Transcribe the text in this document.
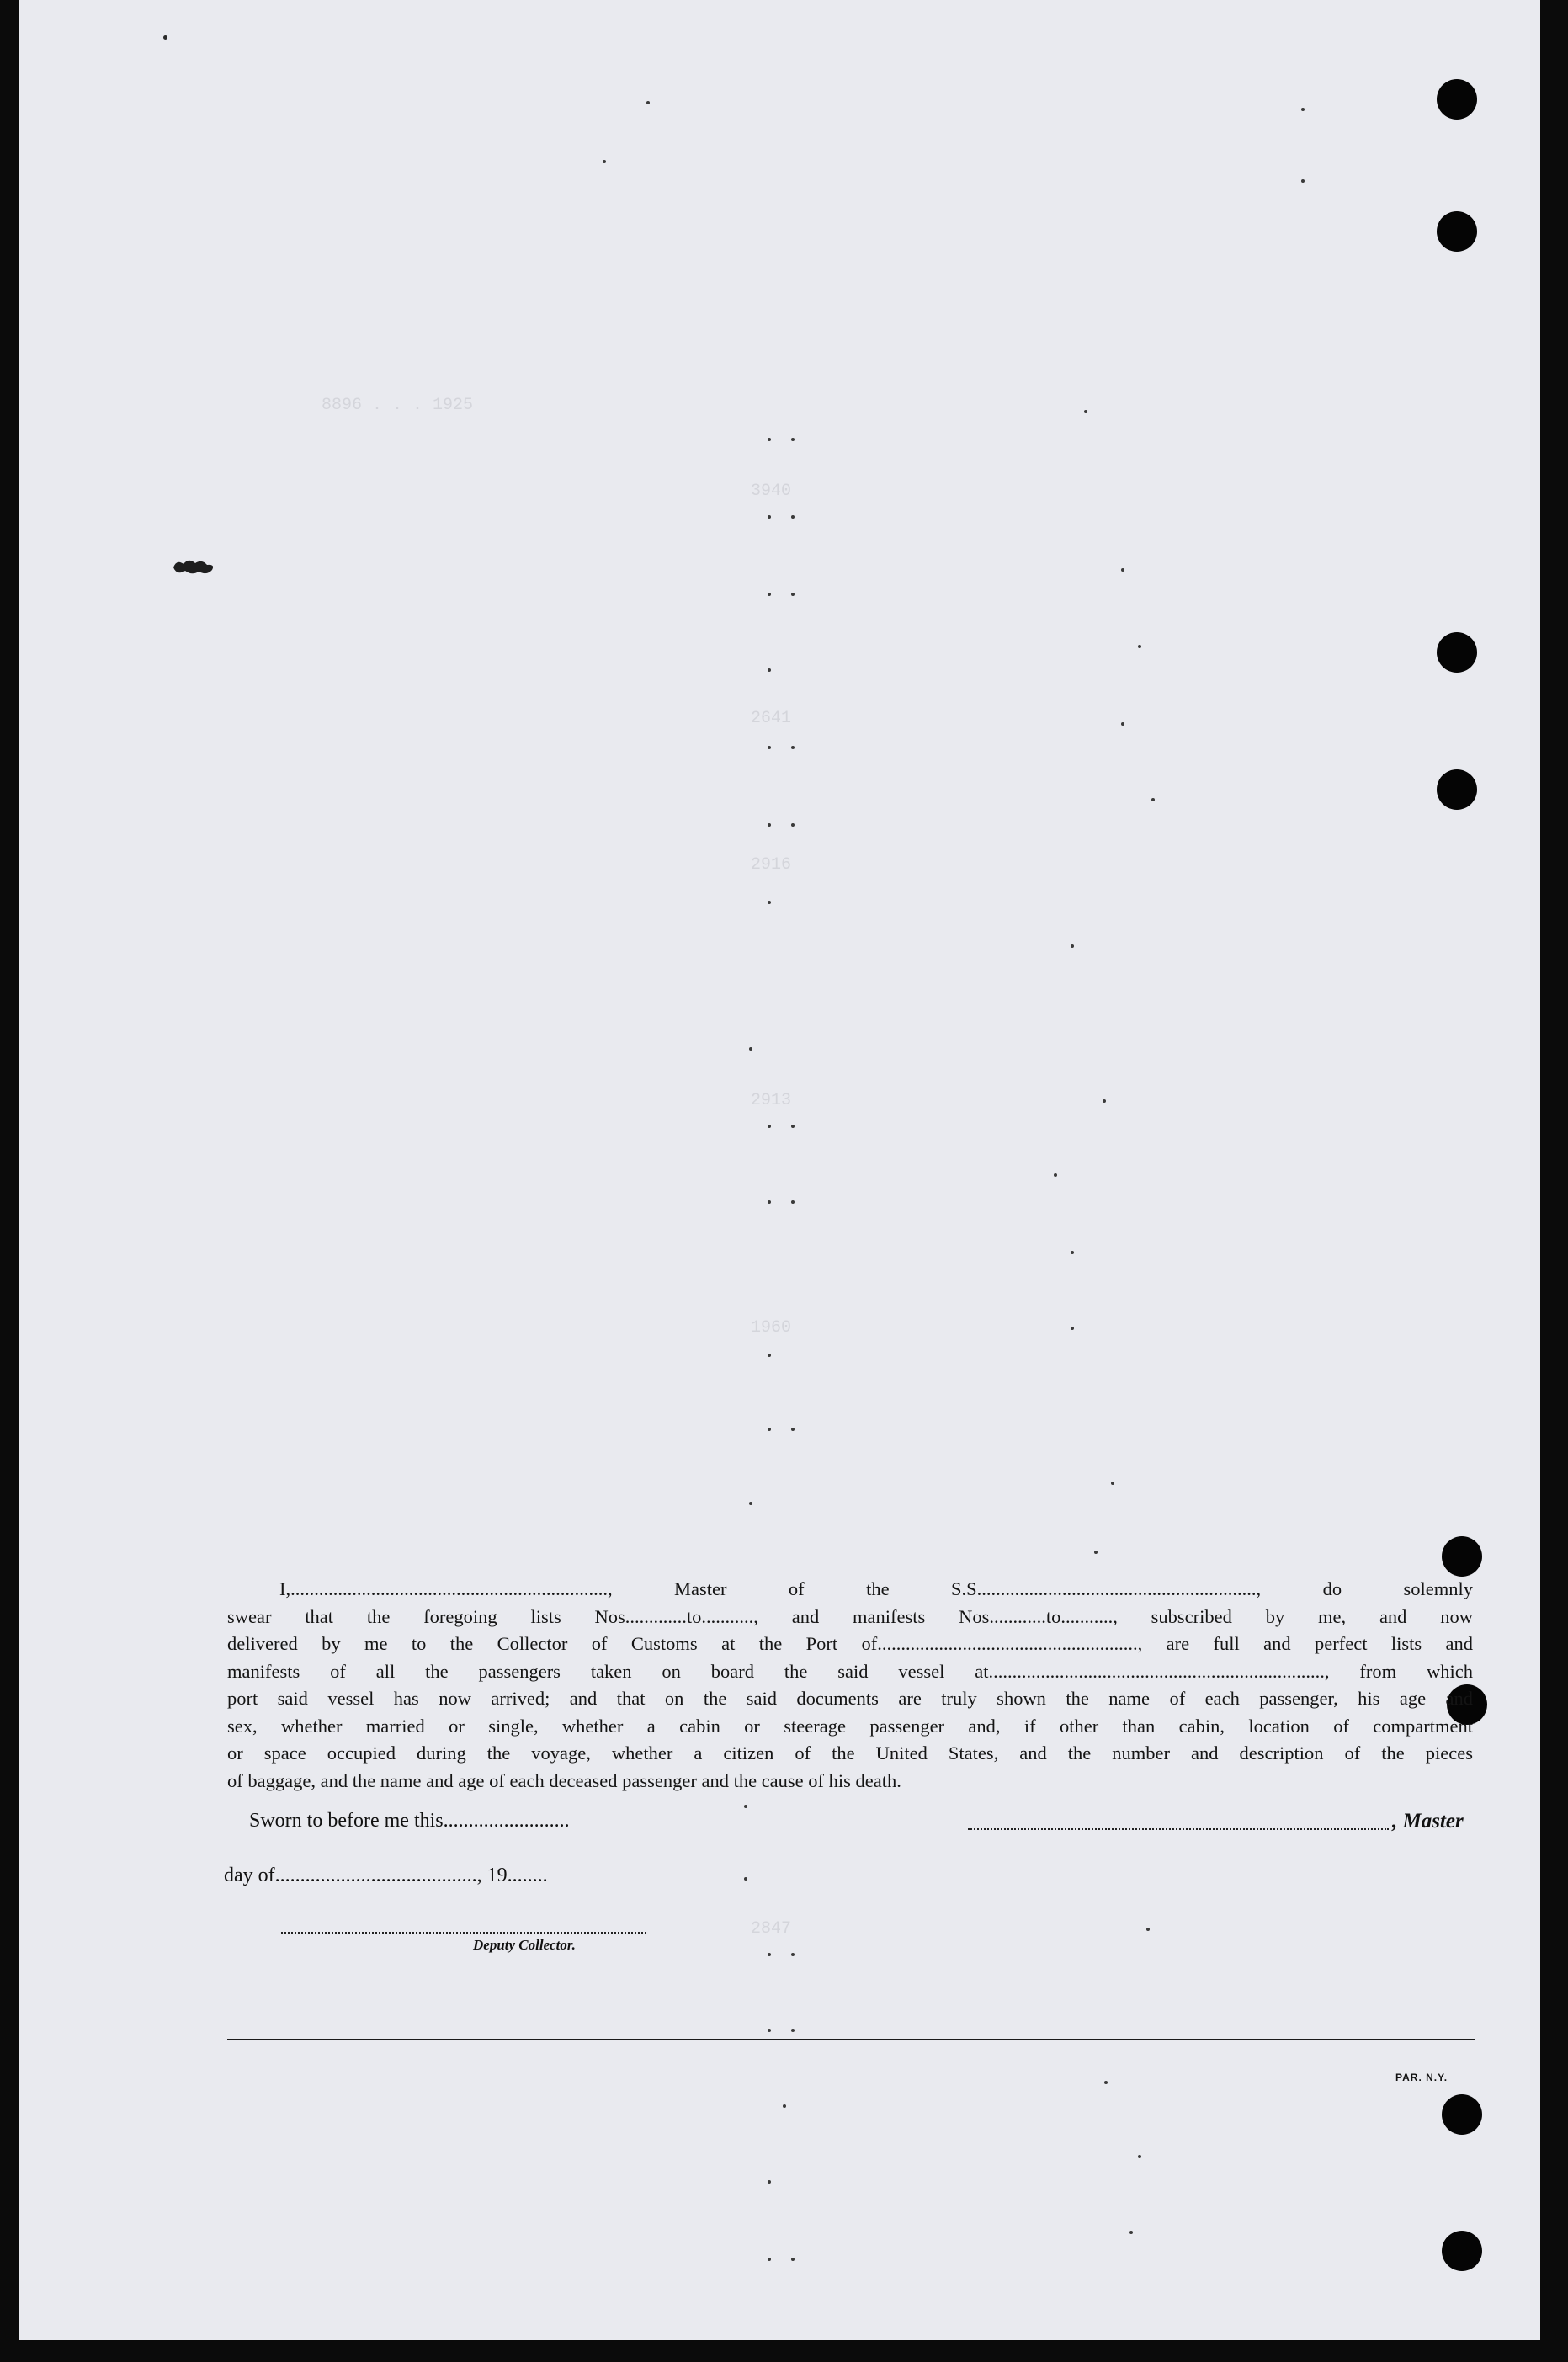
8896 . . . 1925
3940
2641
2916
2913
1960
2847

I,..................................................................., Master of the S.S..........................................................., do solemnly

swear that the foregoing lists Nos.............to..........., and manifests Nos............to..........., subscribed by me, and now

delivered by me to the Collector of Customs at the Port of......................................................., are full and perfect lists and

manifests of all the passengers taken on board the said vessel at......................................................................., from which

port said vessel has now arrived; and that on the said documents are truly shown the name of each passenger, his age and

sex, whether married or single, whether a cabin or steerage passenger and, if other than cabin, location of compartment

or space occupied during the voyage, whether a citizen of the United States, and the number and description of the pieces

of baggage, and the name and age of each deceased passenger and the cause of his death.

Sworn to before me this.........................	, Master
day of........................................, 19........
Deputy Collector.
PAR. N.Y.
